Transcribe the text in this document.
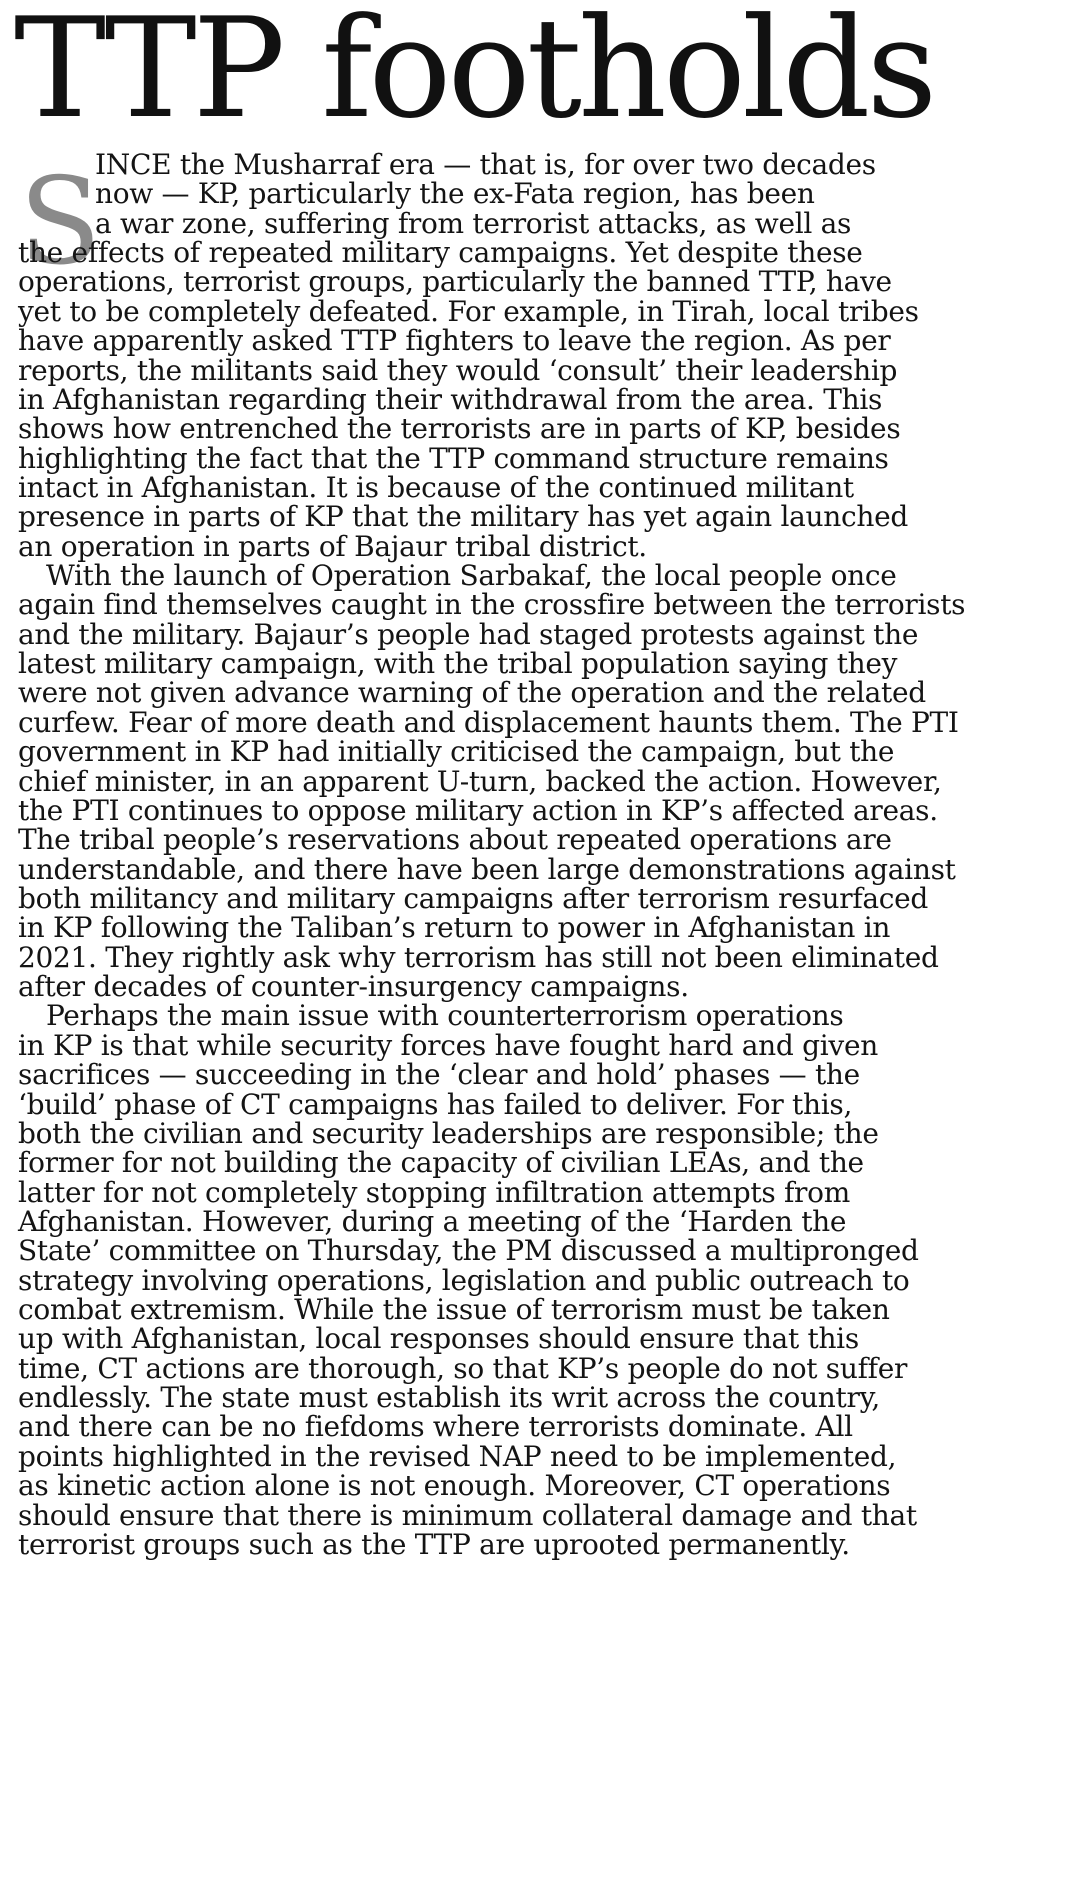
TTP footholds
S
INCE the Musharraf era — that is, for over two decades
now — KP, particularly the ex-Fata region, has been
a war zone, suffering from terrorist attacks, as well as
the effects of repeated military campaigns. Yet despite these
operations, terrorist groups, particularly the banned TTP, have
yet to be completely defeated. For example, in Tirah, local tribes
have apparently asked TTP fighters to leave the region. As per
reports, the militants said they would ‘consult’ their leadership
in Afghanistan regarding their withdrawal from the area. This
shows how entrenched the terrorists are in parts of KP, besides
highlighting the fact that the TTP command structure remains
intact in Afghanistan. It is because of the continued militant
presence in parts of KP that the military has yet again launched
an operation in parts of Bajaur tribal district.
With the launch of Operation Sarbakaf, the local people once
again find themselves caught in the crossfire between the terrorists
and the military. Bajaur’s people had staged protests against the
latest military campaign, with the tribal population saying they
were not given advance warning of the operation and the related
curfew. Fear of more death and displacement haunts them. The PTI
government in KP had initially criticised the campaign, but the
chief minister, in an apparent U-turn, backed the action. However,
the PTI continues to oppose military action in KP’s affected areas.
The tribal people’s reservations about repeated operations are
understandable, and there have been large demonstrations against
both militancy and military campaigns after terrorism resurfaced
in KP following the Taliban’s return to power in Afghanistan in
2021. They rightly ask why terrorism has still not been eliminated
after decades of counter-insurgency campaigns.
Perhaps the main issue with counterterrorism operations
in KP is that while security forces have fought hard and given
sacrifices — succeeding in the ‘clear and hold’ phases — the
‘build’ phase of CT campaigns has failed to deliver. For this,
both the civilian and security leaderships are responsible; the
former for not building the capacity of civilian LEAs, and the
latter for not completely stopping infiltration attempts from
Afghanistan. However, during a meeting of the ‘Harden the
State’ committee on Thursday, the PM discussed a multipronged
strategy involving operations, legislation and public outreach to
combat extremism. While the issue of terrorism must be taken
up with Afghanistan, local responses should ensure that this
time, CT actions are thorough, so that KP’s people do not suffer
endlessly. The state must establish its writ across the country,
and there can be no fiefdoms where terrorists dominate. All
points highlighted in the revised NAP need to be implemented,
as kinetic action alone is not enough. Moreover, CT operations
should ensure that there is minimum collateral damage and that
terrorist groups such as the TTP are uprooted permanently.
